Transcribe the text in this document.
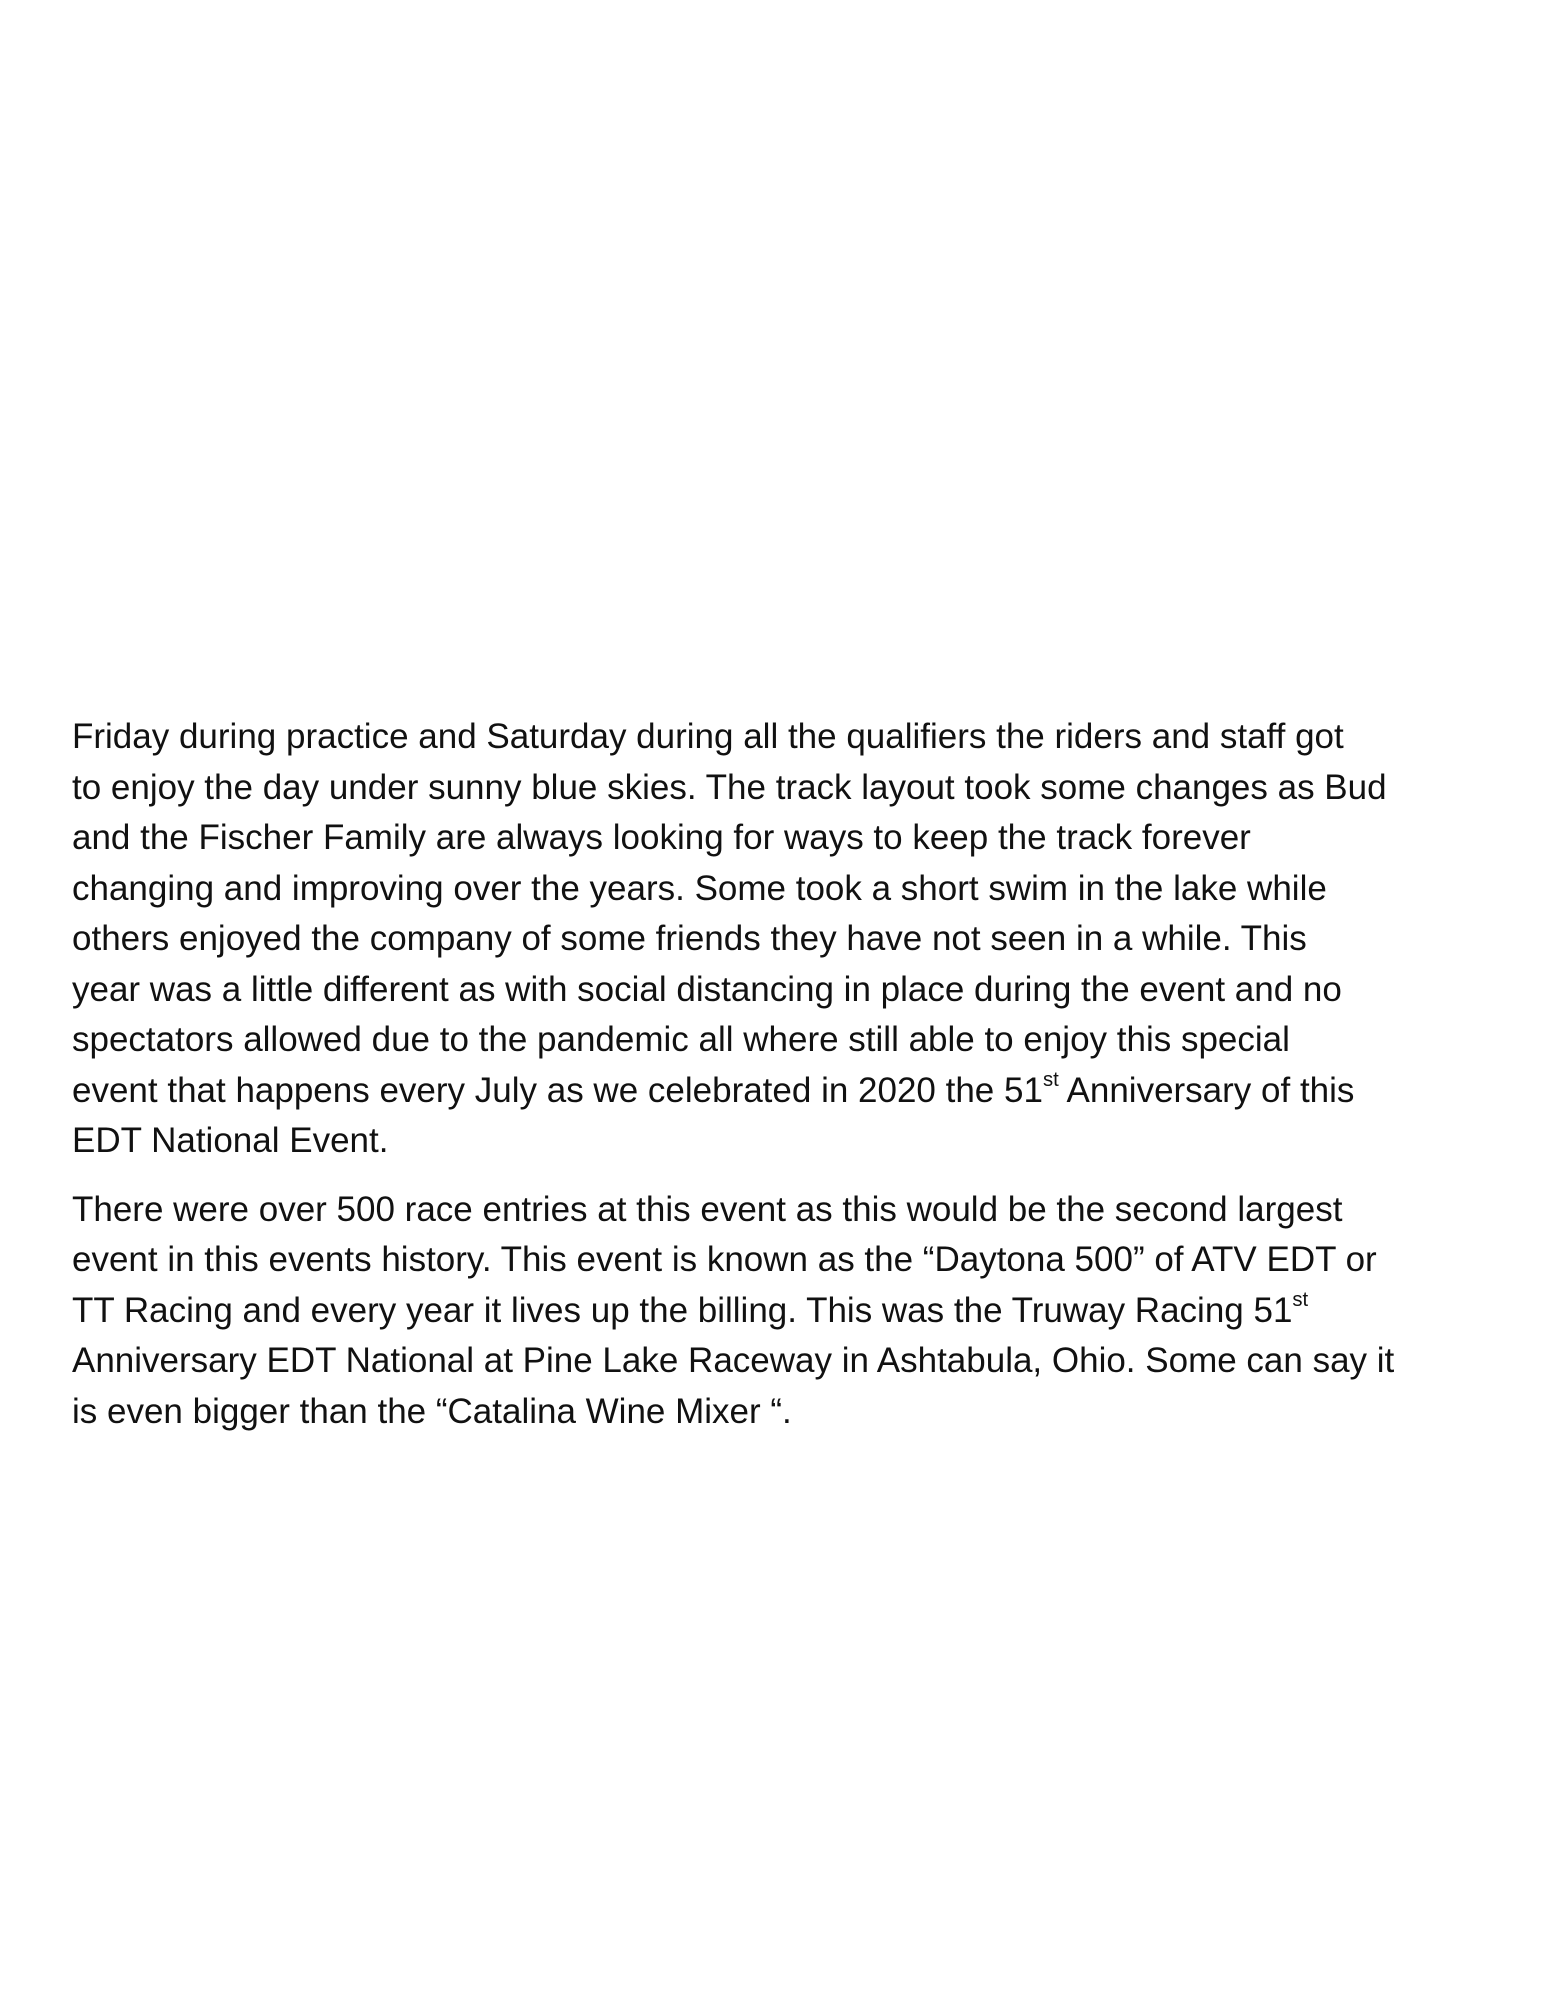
Friday during practice and Saturday during all the qualifiers the riders and staff got
to enjoy the day under sunny blue skies. The track layout took some changes as Bud
and the Fischer Family are always looking for ways to keep the track forever
changing and improving over the years. Some took a short swim in the lake while
others enjoyed the company of some friends they have not seen in a while. This
year was a little different as with social distancing in place during the event and no
spectators allowed due to the pandemic all where still able to enjoy this special
event that happens every July as we celebrated in 2020 the 51st Anniversary of this
EDT National Event.

There were over 500 race entries at this event as this would be the second largest
event in this events history. This event is known as the “Daytona 500” of ATV EDT or
TT Racing and every year it lives up the billing. This was the Truway Racing 51st
Anniversary EDT National at Pine Lake Raceway in Ashtabula, Ohio. Some can say it
is even bigger than the “Catalina Wine Mixer “.
